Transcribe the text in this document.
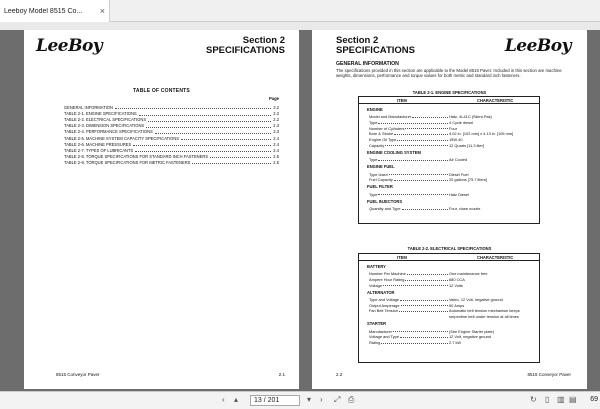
Leeboy Model 8515 Co...	×
LeeBoy	Section 2
SPECIFICATIONS
TABLE OF CONTENTS
Page
GENERAL INFORMATION	2.2
TABLE 2-1. ENGINE SPECIFICATIONS	2.2
TABLE 2-2. ELECTRICAL SPECIFICATIONS	2.2
TABLE 2-3. DIMENSION SPECIFICATIONS	2.3
TABLE 2-4. PERFORMANCE SPECIFICATIONS	2.3
TABLE 2-5. MACHINE SYSTEM CAPACITY SPECIFICATIONS	2.4
TABLE 2-6. MACHINE PRESSURES	2.4
TABLE 2-7. TYPES OF LUBRICANTS	2.4
TABLE 2-8. TORQUE SPECIFICATIONS FOR STANDARD INCH FASTENERS	2.5
TABLE 2-9. TORQUE SPECIFICATIONS FOR METRIC FASTENERS	2.6
8515 Conveyor Paver	2.1
Section 2
SPECIFICATIONS	LeeBoy
GENERAL INFORMATION
The specifications provided in this section are applicable to the Model 8515 Paver. Included in this section are machine weights, dimensions, performance and torque values for both metric and standard inch fasteners.
TABLE 2-1. ENGINE SPECIFICATIONS
ITEM	CHARACTERISTIC
ENGINE
Model and Manufacturer	Hatz, 4L41C (Silent Pak)
Type	4 Cycle diesel
Number of Cylinders	Four
Bore & Stroke	4.02 in. [102 mm] x 4.13 in. [105 mm]
Engine Oil Type	15W-40
Capacity	12 Quarts [11.3 liter]
ENGINE COOLING SYSTEM
Type	Air Cooled
ENGINE FUEL
Type Used	Diesel Fuel
Fuel Capacity	20 gallons [75.7 liters]
FUEL FILTER
Type	Hatz Diesel
FUEL INJECTORS
Quantity and Type	Four, close nozzle
TABLE 2-2. ELECTRICAL SPECIFICATIONS
ITEM	CHARACTERISTIC
BATTERY
Number Per Machine	One maintenance free
Ampere Hour Rating	680 CCA
Voltage	12 Volts
ALTERNATOR
Type and Voltage	Valeo, 12 Volt, negative ground
Output Amperage	60 Amps
Fan Belt Tension	Automatic belt tension mechanism keeps
serpentine belt under tension at all times
STARTER
Manufacturer	(See Engine Starter plate)
Voltage and Type	12 Volt, negative ground
Rating	2.7 kW
2.2	8515 Conveyor Paver
‹ ▴	13 / 201	▾ › ⤢ ⎙	↻ ▯ ▥ ▤ 69
